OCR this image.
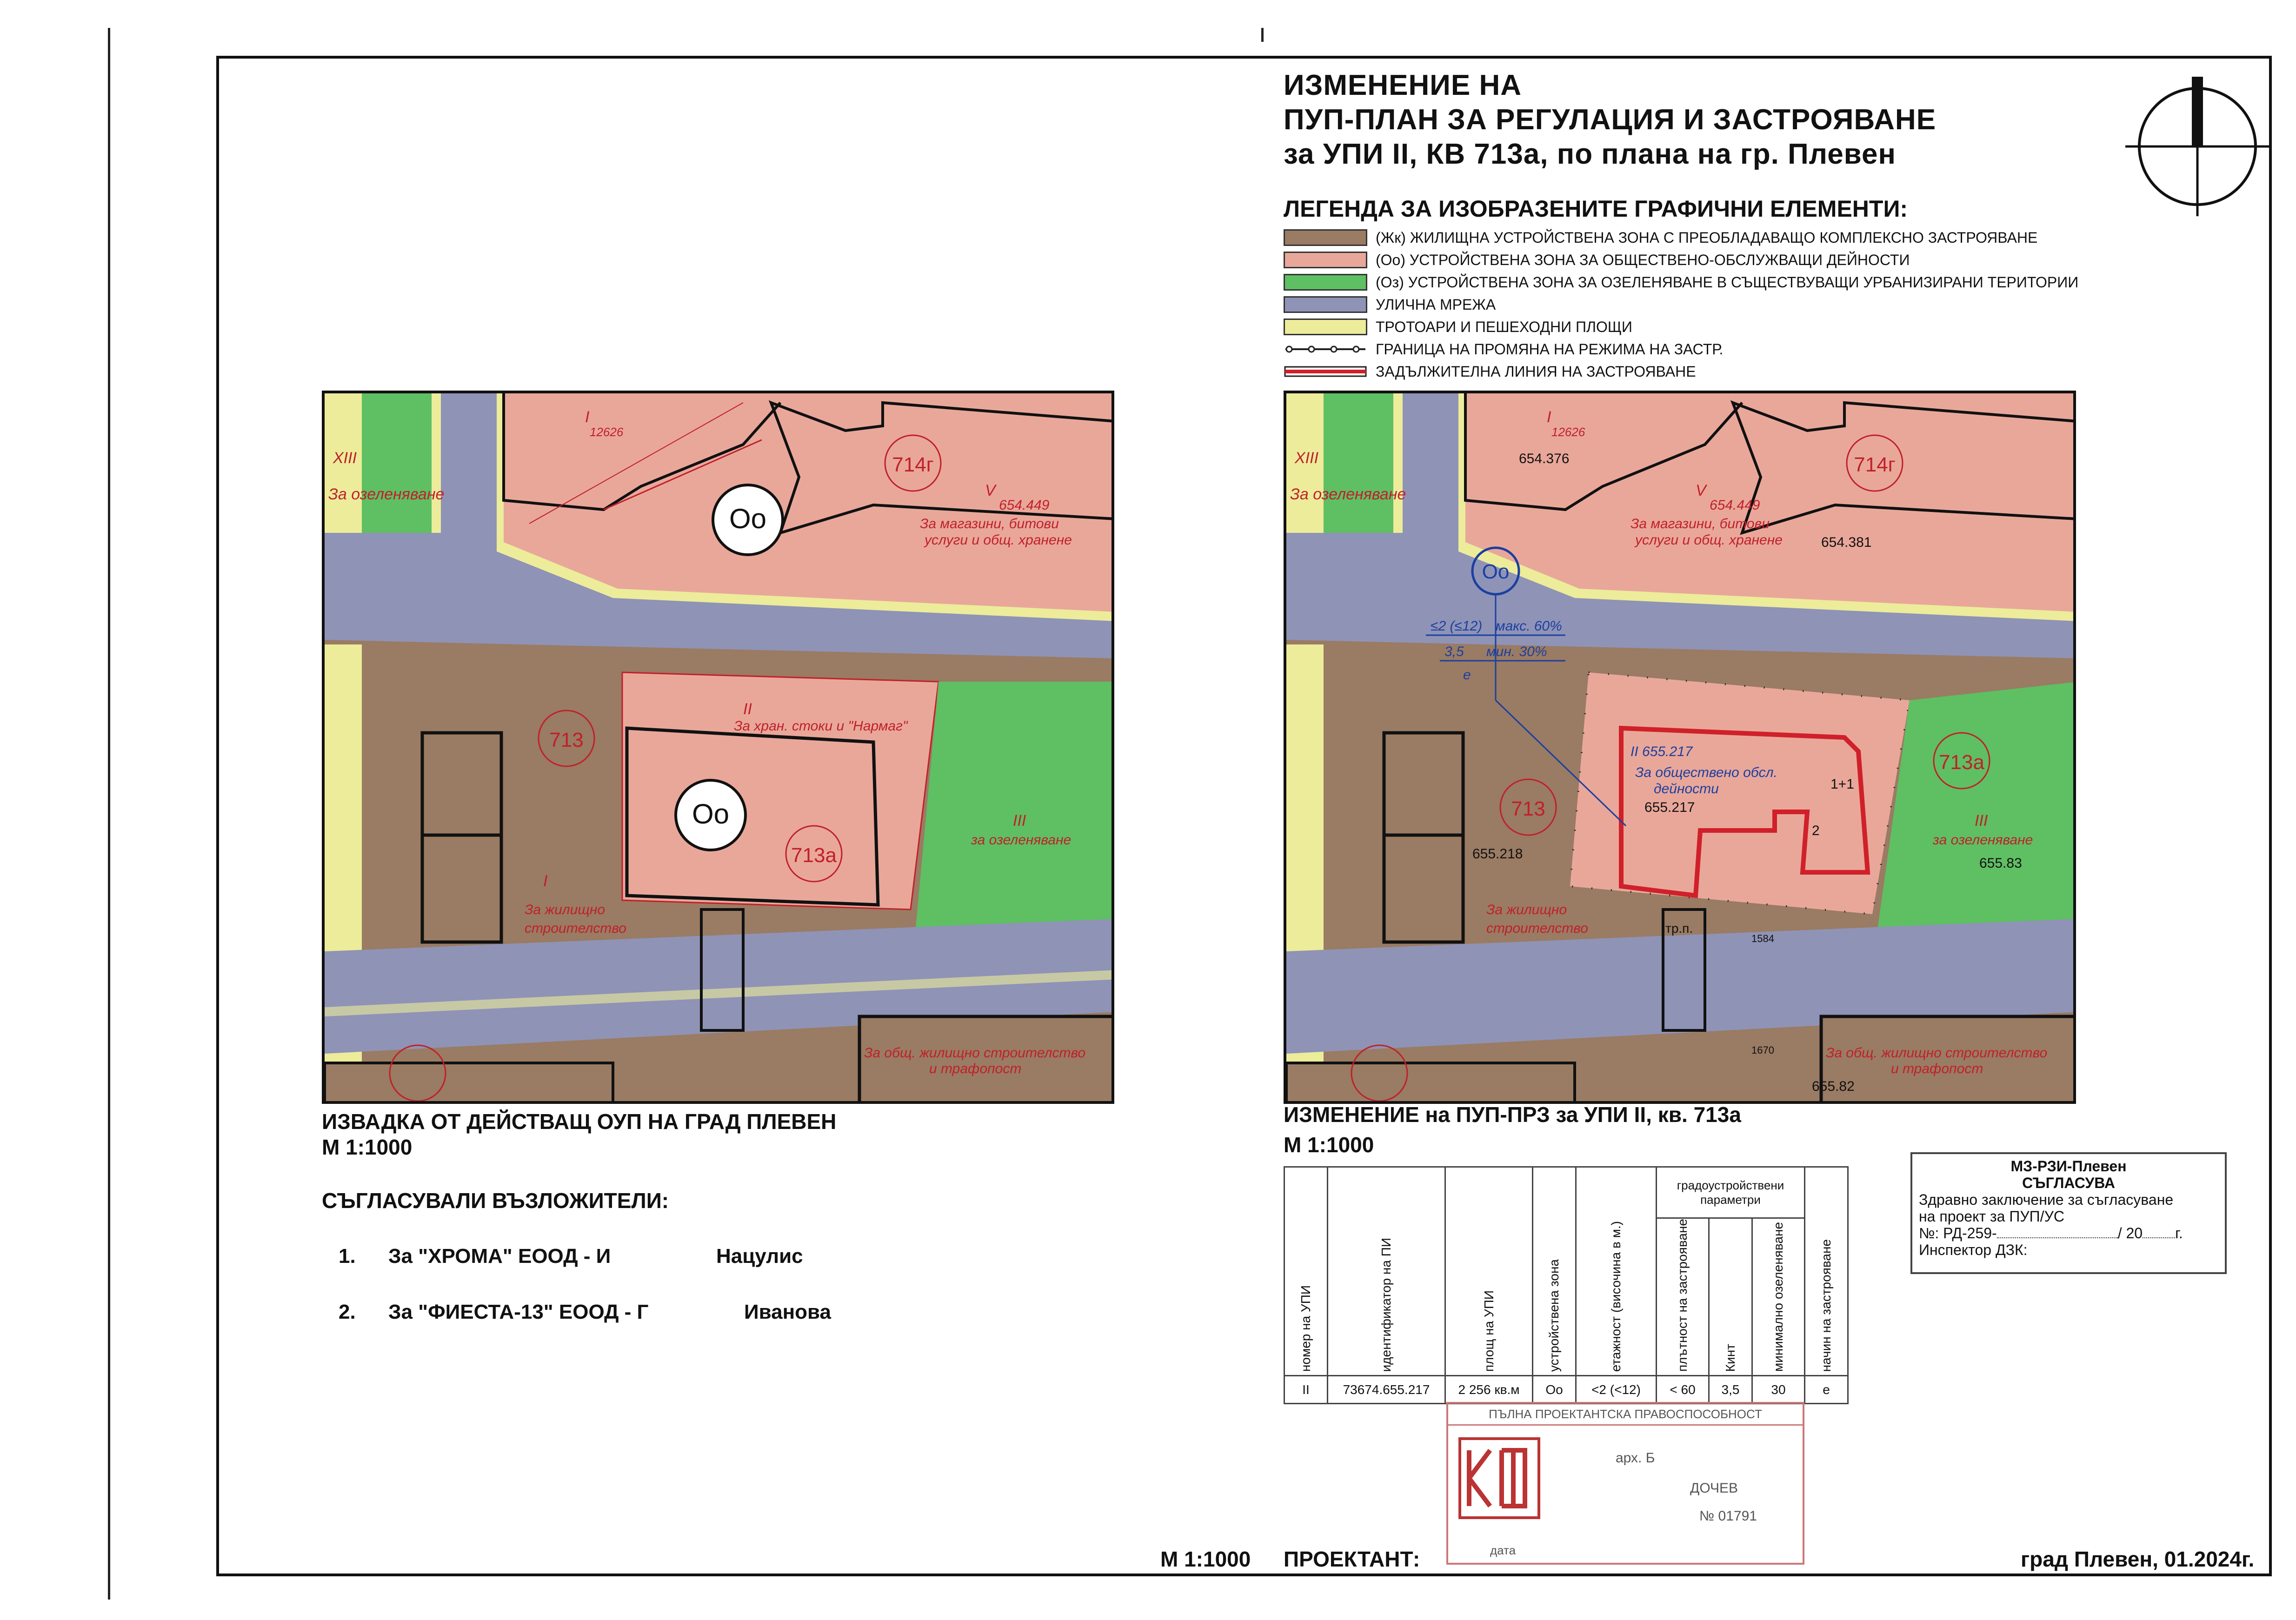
ИЗМЕНЕНИЕ НА
ПУП-ПЛАН ЗА РЕГУЛАЦИЯ И ЗАСТРОЯВАНЕ
за УПИ II, КВ 713а, по плана на гр. Плевен
ЛЕГЕНДА ЗА ИЗОБРАЗЕНИТЕ ГРАФИЧНИ ЕЛЕМЕНТИ:
(Жк) ЖИЛИЩНА УСТРОЙСТВЕНА ЗОНА С ПРЕОБЛАДАВАЩО КОМПЛЕКСНО ЗАСТРОЯВАНЕ
(Оо) УСТРОЙСТВЕНА ЗОНА ЗА ОБЩЕСТВЕНО-ОБСЛУЖВАЩИ ДЕЙНОСТИ
(Оз) УСТРОЙСТВЕНА ЗОНА ЗА ОЗЕЛЕНЯВАНЕ В СЪЩЕСТВУВАЩИ УРБАНИЗИРАНИ ТЕРИТОРИИ
УЛИЧНА МРЕЖА
ТРОТОАРИ И ПЕШЕХОДНИ ПЛОЩИ
ГРАНИЦА НА ПРОМЯНА НА РЕЖИМА НА ЗАСТР.
ЗАДЪЛЖИТЕЛНА ЛИНИЯ НА ЗАСТРОЯВАНЕ
XIII
За озеленяване
I
12626
Оо
714г
V
654.449
За магазини, битови
услуги и общ. хранене
713
II
За хран. стоки и "Нармаг"
713а
Оо	III
за озеленяване
I
За жилищно
строителство
За общ. жилищно строителство
и трафопост
ИЗВАДКА ОТ ДЕЙСТВАЩ ОУП НА ГРАД ПЛЕВЕН
М 1:1000
XIII
За озеленяване
I
12626
654.376	714г
V
654.449
За магазини, битови
услуги и общ. хранене	654.381
Оо
≤2 (≤12) макс. 60%
3,5 мин. 30%
е
713
655.218
II 655.217
За обществено обсл.
дейности
655.217
1+1
2
713а
III
за озеленяване
655.83
За жилищно
строителство	тр.п.
1584
1670	За общ. жилищно строителство
и трафопост
655.82
ИЗМЕНЕНИЕ на ПУП-ПРЗ за УПИ II, кв. 713а
М 1:1000
СЪГЛАСУВАЛИ ВЪЗЛОЖИТЕЛИ:
1. За "ХРОМА" ЕООД - И	Нацулис
2. За "ФИЕСТА-13" ЕООД - Г	Иванова	номер на УПИ	идентификатор на ПИ	площ на УПИ	устройствена зона	етажност (височина в м.)	градоустройствени параметри			начин на застрояване
					плътност на застрояване	Кинт	минимално озеленяване	
II	73674.655.217	2 256 кв.м	Оо	<2 (<12)	< 60	3,5	30	е
МЗ-РЗИ-Плевен
СЪГЛАСУВА
Здравно заключение за съгласуване
на проект за ПУП/УС
№: РД-259-	/ 20 г.
Инспектор ДЗК:
ПЪЛНА ПРОЕКТАНТСКА ПРАВОСПОСОБНОСТ
арх. Б
ДОЧЕВ
№ 01791
дата
М 1:1000 ПРОЕКТАНТ:	град Плевен, 01.2024г.
